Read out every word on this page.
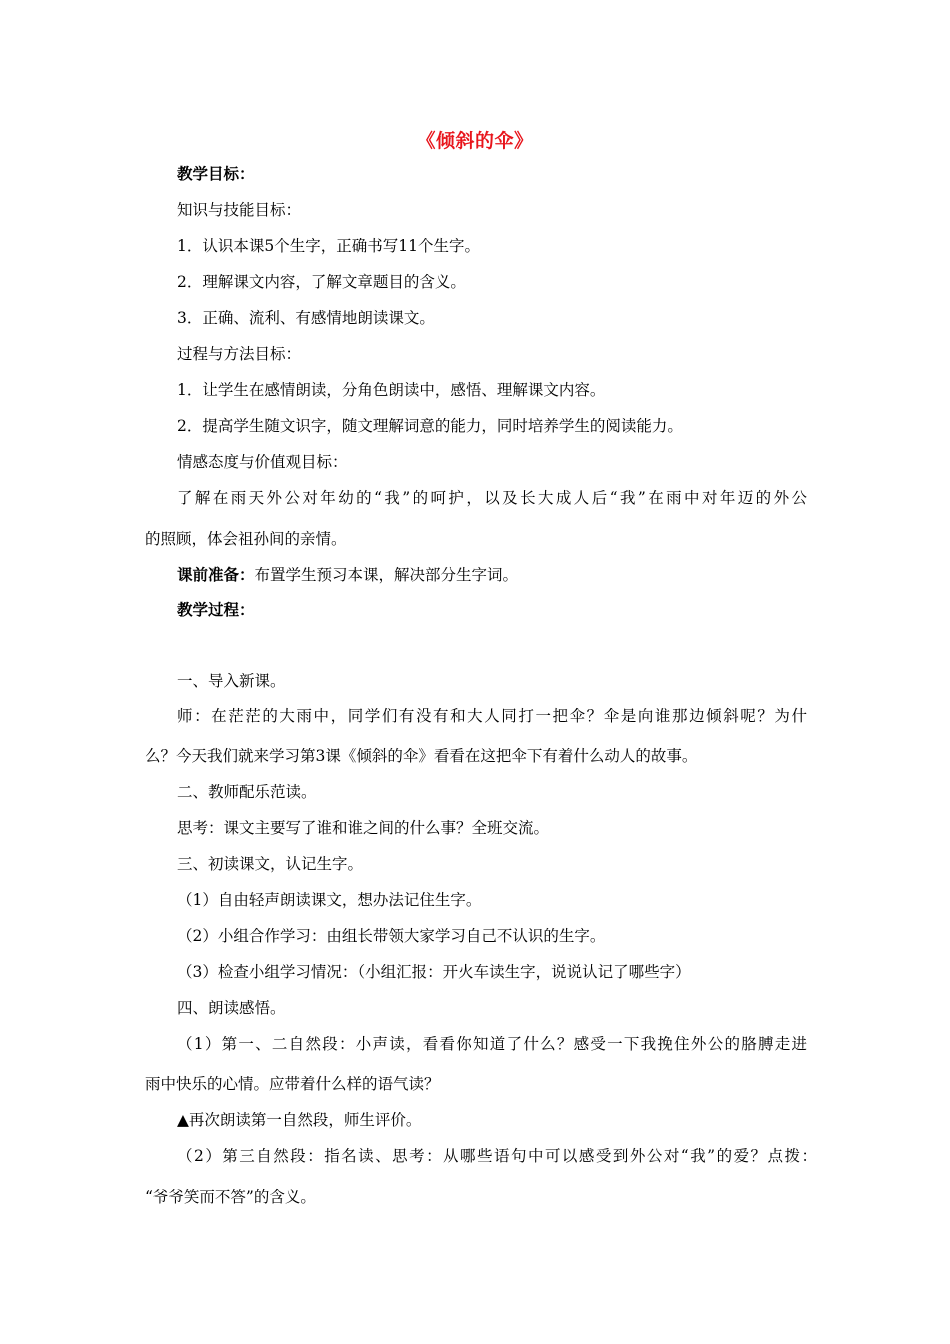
《倾斜的伞》
教学目标：
知识与技能目标：
1．认识本课5个生字，正确书写11个生字。
2．理解课文内容，了解文章题目的含义。
3．正确、流利、有感情地朗读课文。
过程与方法目标：
1．让学生在感情朗读，分角色朗读中，感悟、理解课文内容。
2．提高学生随文识字，随文理解词意的能力，同时培养学生的阅读能力。
情感态度与价值观目标：
了解在雨天外公对年幼的“我”的呵护，以及长大成人后“我”在雨中对年迈的外公
的照顾，体会祖孙间的亲情。
课前准备：布置学生预习本课，解决部分生字词。
教学过程：
一、导入新课。
师：在茫茫的大雨中，同学们有没有和大人同打一把伞？伞是向谁那边倾斜呢？为什
么？今天我们就来学习第3课《倾斜的伞》看看在这把伞下有着什么动人的故事。
二、教师配乐范读。
思考：课文主要写了谁和谁之间的什么事？全班交流。
三、初读课文，认记生字。
（1）自由轻声朗读课文，想办法记住生字。
（2）小组合作学习：由组长带领大家学习自己不认识的生字。
（3）检查小组学习情况：（小组汇报：开火车读生字，说说认记了哪些字）
四、朗读感悟。
（1）第一、二自然段：小声读，看看你知道了什么？感受一下我挽住外公的胳膊走进
雨中快乐的心情。应带着什么样的语气读？
▲再次朗读第一自然段，师生评价。
（2）第三自然段：指名读、思考：从哪些语句中可以感受到外公对“我”的爱？点拨：
“爷爷笑而不答”的含义。
